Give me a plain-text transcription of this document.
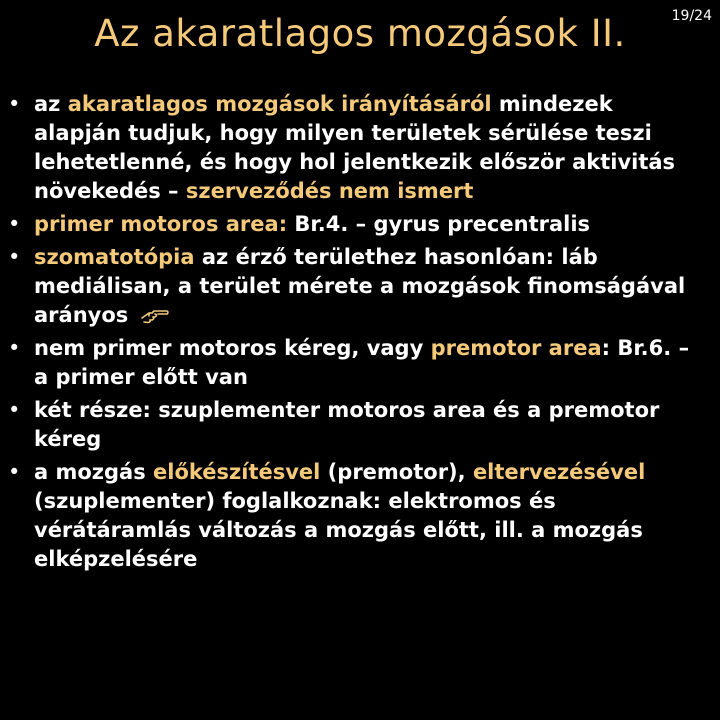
Az akaratlagos mozgások II.	19/24
• az akaratlagos mozgások irányításáról mindezek alapján tudjuk, hogy milyen területek sérülése teszi lehetetlenné, és hogy hol jelentkezik először aktivitás növekedés – szerveződés nem ismert
• primer motoros area: Br.4. – gyrus precentralis
• szomatotópia az érző területhez hasonlóan: láb mediálisan, a terület mérete a mozgások finomságával arányos
• nem primer motoros kéreg, vagy premotor area: Br.6. – a primer előtt van
• két része: szuplementer motoros area és a premotor kéreg
• a mozgás előkészítésvel (premotor), eltervezésével (szuplementer) foglalkoznak: elektromos és vérátáramlás változás a mozgás előtt, ill. a mozgás elképzelésére
